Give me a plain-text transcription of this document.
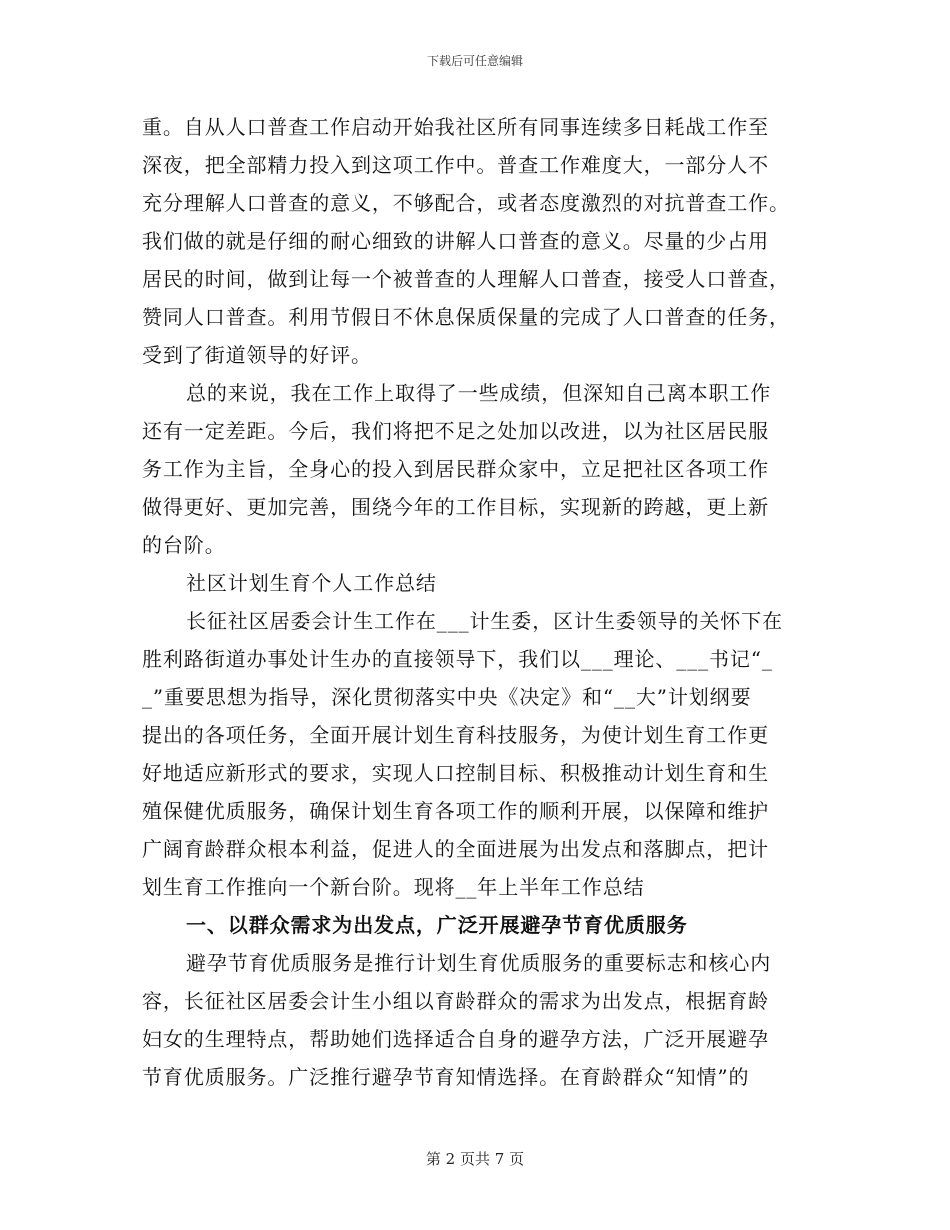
下载后可任意编辑
重。自从人口普查工作启动开始我社区所有同事连续多日耗战工作至
深夜，把全部精力投入到这项工作中。普查工作难度大，一部分人不
充分理解人口普查的意义，不够配合，或者态度激烈的对抗普查工作。
我们做的就是仔细的耐心细致的讲解人口普查的意义。尽量的少占用
居民的时间，做到让每一个被普查的人理解人口普查，接受人口普查，
赞同人口普查。利用节假日不休息保质保量的完成了人口普查的任务，
受到了街道领导的好评。
总的来说，我在工作上取得了一些成绩，但深知自己离本职工作
还有一定差距。今后，我们将把不足之处加以改进，以为社区居民服
务工作为主旨，全身心的投入到居民群众家中，立足把社区各项工作
做得更好、更加完善，围绕今年的工作目标，实现新的跨越，更上新
的台阶。
社区计划生育个人工作总结
长征社区居委会计生工作在___计生委，区计生委领导的关怀下在
胜利路街道办事处计生办的直接领导下，我们以___理论、___书记“_
_”重要思想为指导，深化贯彻落实中央《决定》和“__大”计划纲要
提出的各项任务，全面开展计划生育科技服务，为使计划生育工作更
好地适应新形式的要求，实现人口控制目标、积极推动计划生育和生
殖保健优质服务，确保计划生育各项工作的顺利开展，以保障和维护
广阔育龄群众根本利益，促进人的全面进展为出发点和落脚点，把计
划生育工作推向一个新台阶。现将__年上半年工作总结
一、以群众需求为出发点，广泛开展避孕节育优质服务
避孕节育优质服务是推行计划生育优质服务的重要标志和核心内
容，长征社区居委会计生小组以育龄群众的需求为出发点，根据育龄
妇女的生理特点，帮助她们选择适合自身的避孕方法，广泛开展避孕
节育优质服务。广泛推行避孕节育知情选择。在育龄群众“知情”的
第 2 页共 7 页
